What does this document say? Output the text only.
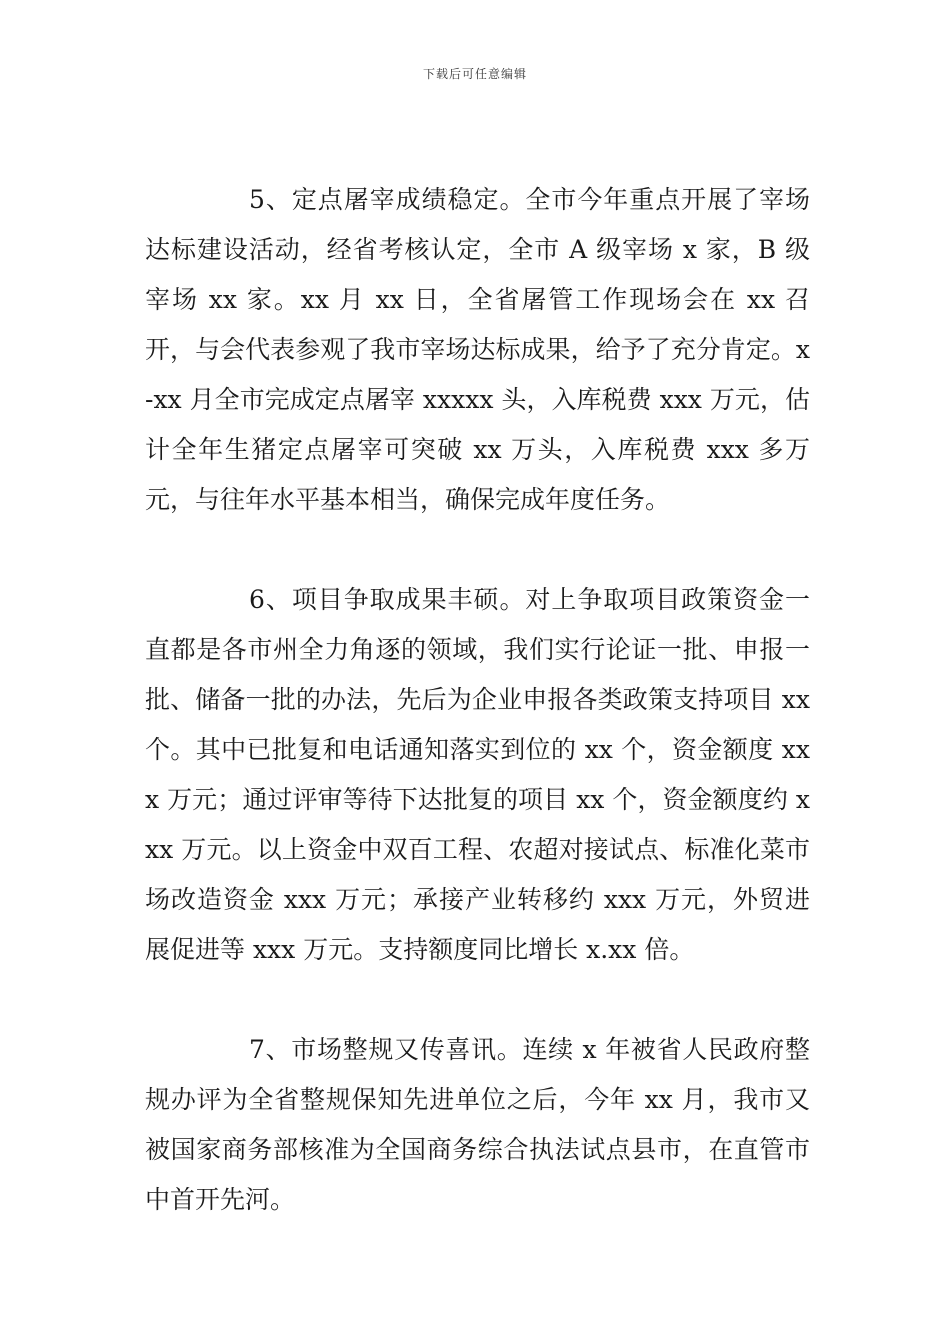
下载后可任意编辑

5、定点屠宰成绩稳定。全市今年重点开展了宰场达标建设活动，经省考核认定，全市 A 级宰场 x 家，B 级宰场 xx 家。xx 月 xx 日，全省屠管工作现场会在 xx 召开，与会代表参观了我市宰场达标成果，给予了充分肯定。x-xx 月全市完成定点屠宰 xxxxx 头，入库税费 xxx 万元，估计全年生猪定点屠宰可突破 xx 万头，入库税费 xxx 多万元，与往年水平基本相当，确保完成年度任务。

6、项目争取成果丰硕。对上争取项目政策资金一直都是各市州全力角逐的领域，我们实行论证一批、申报一批、储备一批的办法，先后为企业申报各类政策支持项目 xx 个。其中已批复和电话通知落实到位的 xx 个，资金额度 xxx 万元；通过评审等待下达批复的项目 xx 个，资金额度约 xxx 万元。以上资金中双百工程、农超对接试点、标准化菜市场改造资金 xxx 万元；承接产业转移约 xxx 万元，外贸进展促进等 xxx 万元。支持额度同比增长 x.xx 倍。

7、市场整规又传喜讯。连续 x 年被省人民政府整规办评为全省整规保知先进单位之后，今年 xx 月，我市又被国家商务部核准为全国商务综合执法试点县市，在直管市中首开先河。
